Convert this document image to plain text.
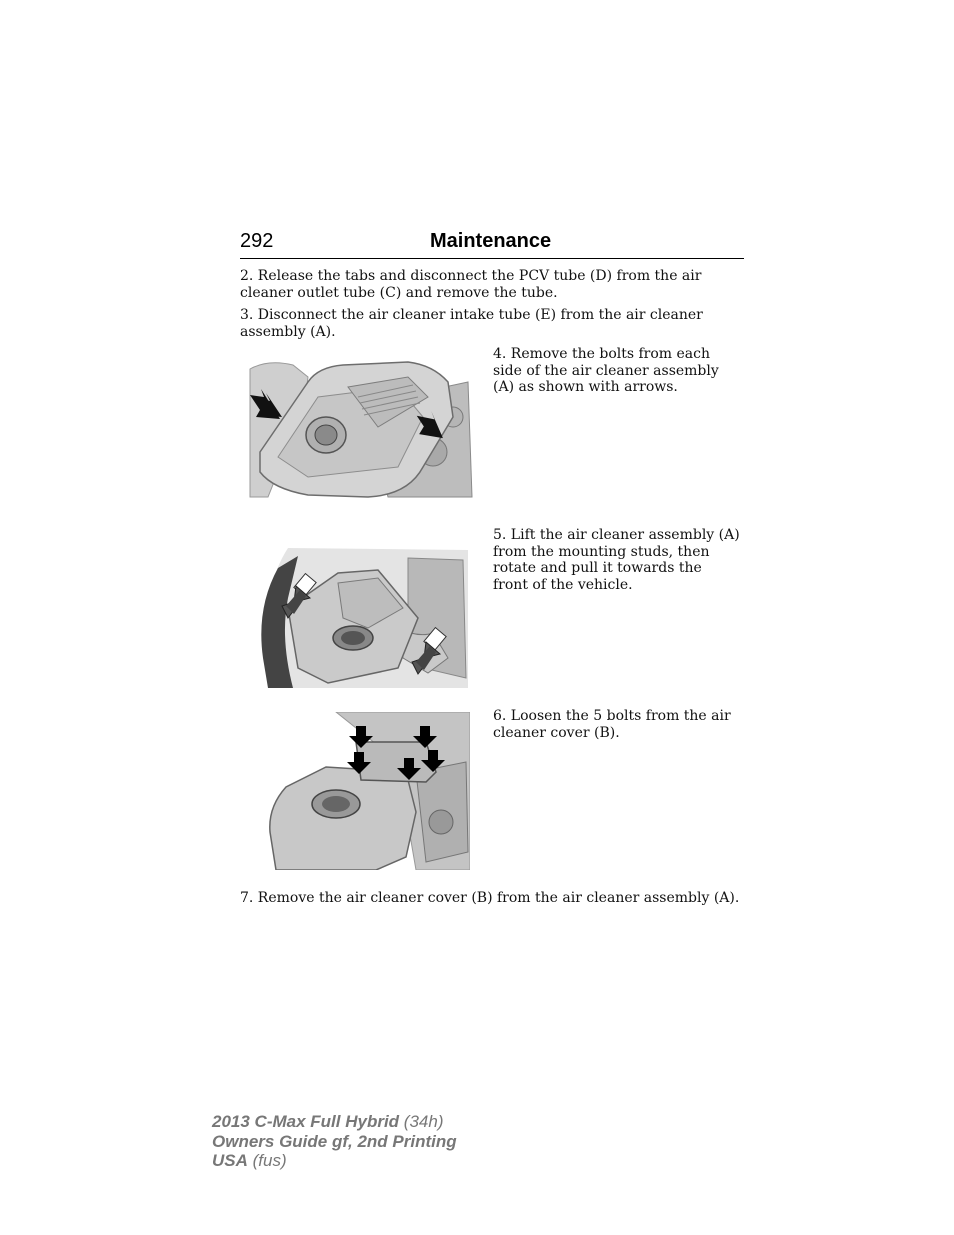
292	Maintenance
2. Release the tabs and disconnect the PCV tube (D) from the air cleaner outlet tube (C) and remove the tube.
3. Disconnect the air cleaner intake tube (E) from the air cleaner assembly (A).
4. Remove the bolts from each side of the air cleaner assembly (A) as shown with arrows.
5. Lift the air cleaner assembly (A) from the mounting studs, then rotate and pull it towards the front of the vehicle.
6. Loosen the 5 bolts from the air cleaner cover (B).
7. Remove the air cleaner cover (B) from the air cleaner assembly (A).
2013 C-Max Full Hybrid (34h)
Owners Guide gf, 2nd Printing
USA (fus)
